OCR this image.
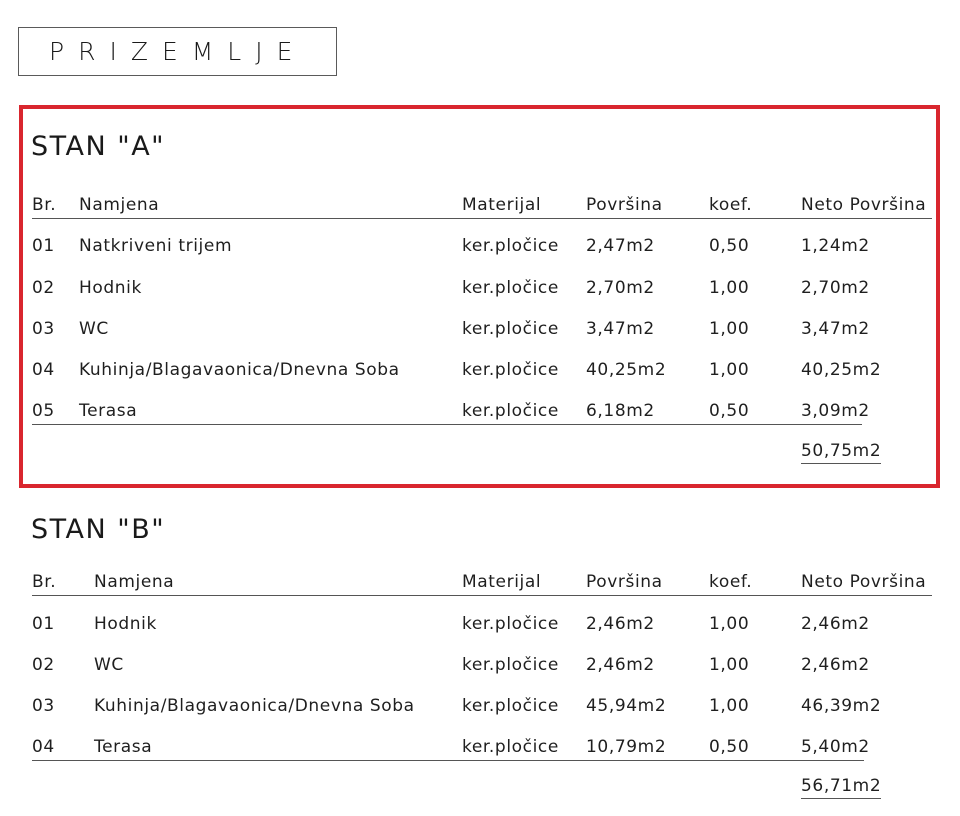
PRIZEMLJE
STAN "A"
Br. Namjena	Materijal	Površina	koef.	Neto Površina
01 Natkriveni trijem	ker.pločice 2,47m2	0,50	1,24m2
02 Hodnik	ker.pločice 2,70m2	1,00	2,70m2
03 WC	ker.pločice 3,47m2	1,00	3,47m2
04 Kuhinja/Blagavaonica/Dnevna Soba	ker.pločice 40,25m2	1,00	40,25m2
05 Terasa	ker.pločice 6,18m2	0,50	3,09m2
50,75m2
STAN "B"
Br. Namjena	Materijal	Površina	koef.	Neto Površina
01 Hodnik	ker.pločice 2,46m2	1,00	2,46m2
02 WC	ker.pločice 2,46m2	1,00	2,46m2
03 Kuhinja/Blagavaonica/Dnevna Soba	ker.pločice 45,94m2	1,00	46,39m2
04 Terasa	ker.pločice 10,79m2	0,50	5,40m2
56,71m2
